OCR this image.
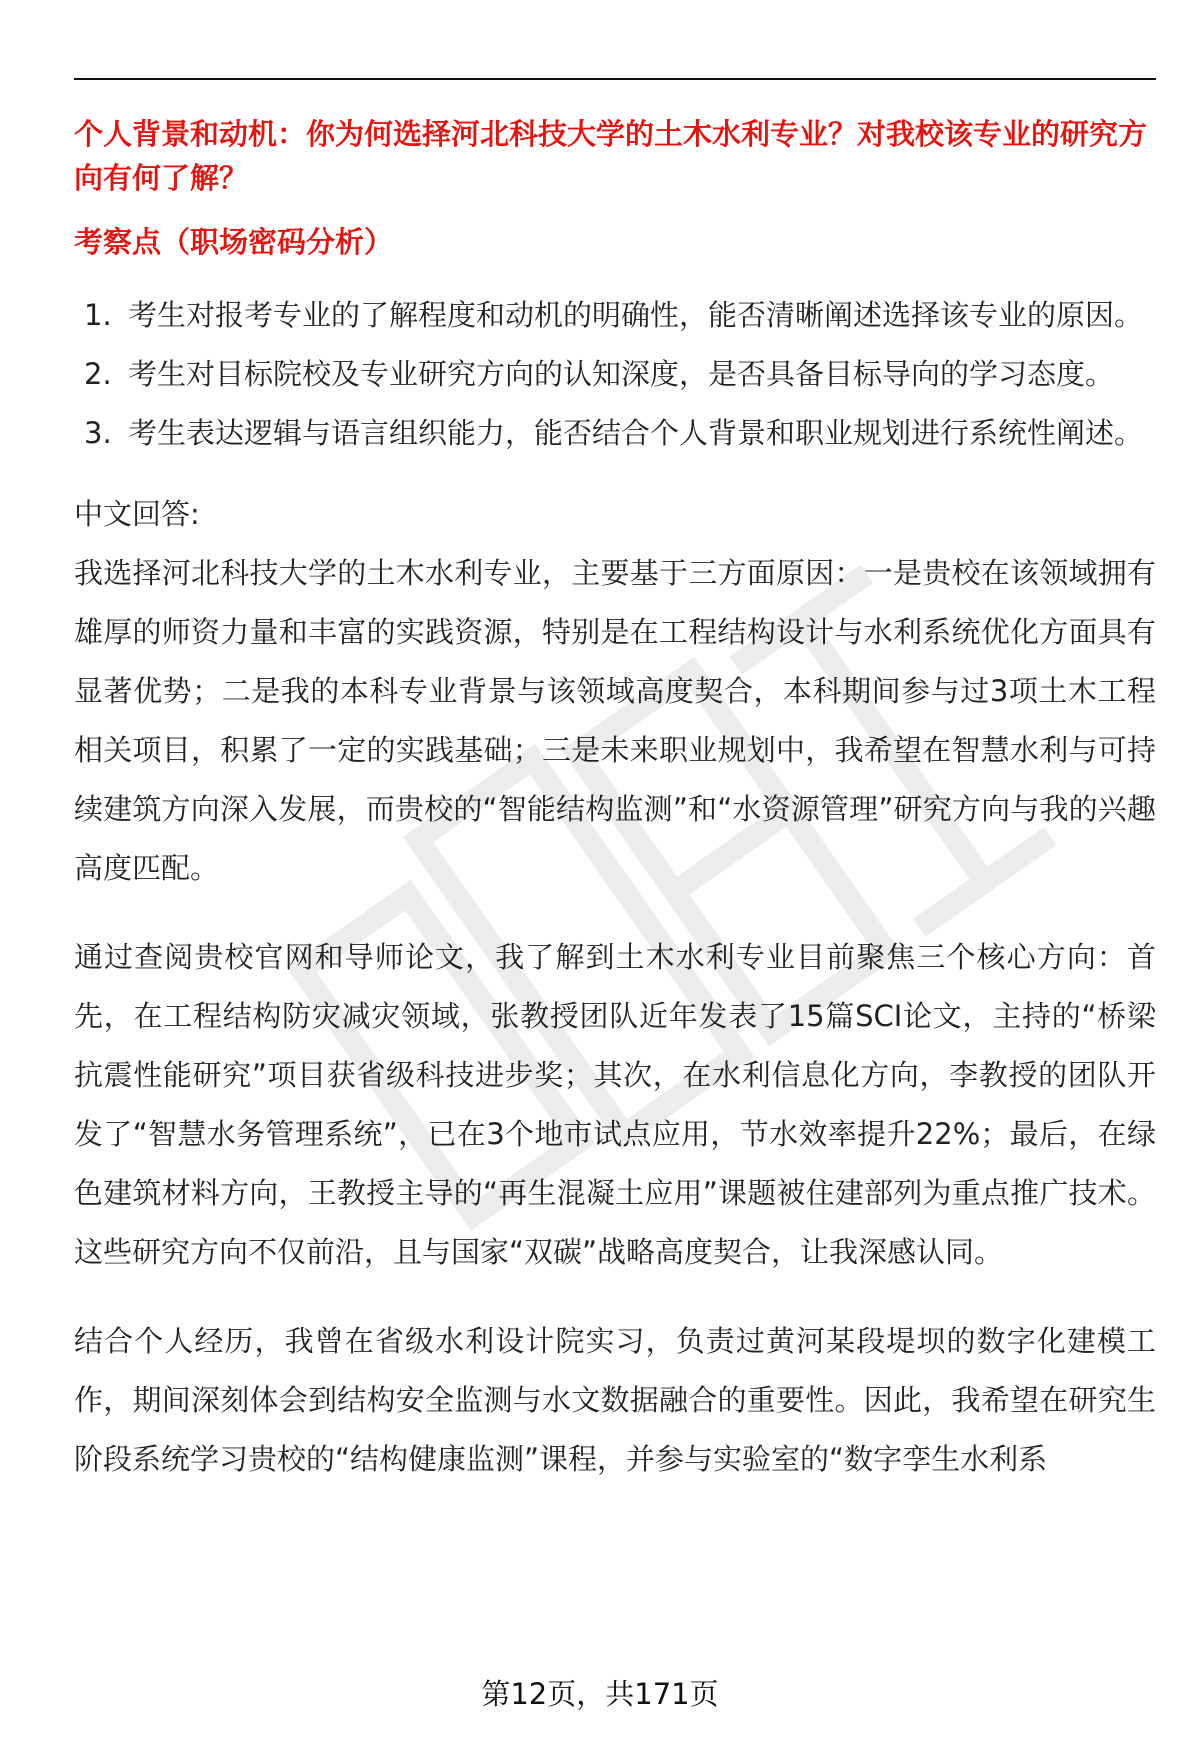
个人背景和动机：你为何选择河北科技大学的土木水利专业？对我校该专业的研究方向有何了解？

考察点（职场密码分析）

1. 考生对报考专业的了解程度和动机的明确性，能否清晰阐述选择该专业的原因。
2. 考生对目标院校及专业研究方向的认知深度，是否具备目标导向的学习态度。
3. 考生表达逻辑与语言组织能力，能否结合个人背景和职业规划进行系统性阐述。

中文回答:

我选择河北科技大学的土木水利专业，主要基于三方面原因：一是贵校在该领域拥有雄厚的师资力量和丰富的实践资源，特别是在工程结构设计与水利系统优化方面具有显著优势；二是我的本科专业背景与该领域高度契合，本科期间参与过3项土木工程相关项目，积累了一定的实践基础；三是未来职业规划中，我希望在智慧水利与可持续建筑方向深入发展，而贵校的“智能结构监测”和“水资源管理”研究方向与我的兴趣高度匹配。

通过查阅贵校官网和导师论文，我了解到土木水利专业目前聚焦三个核心方向：首先，在工程结构防灾减灾领域，张教授团队近年发表了15篇SCI论文，主持的“桥梁抗震性能研究”项目获省级科技进步奖；其次，在水利信息化方向，李教授的团队开发了“智慧水务管理系统”，已在3个地市试点应用，节水效率提升22%；最后，在绿色建筑材料方向，王教授主导的“再生混凝土应用”课题被住建部列为重点推广技术。这些研究方向不仅前沿，且与国家“双碳”战略高度契合，让我深感认同。

结合个人经历，我曾在省级水利设计院实习，负责过黄河某段堤坝的数字化建模工作，期间深刻体会到结构安全监测与水文数据融合的重要性。因此，我希望在研究生阶段系统学习贵校的“结构健康监测”课程，并参与实验室的“数字孪生水利系

第12页，共171页
